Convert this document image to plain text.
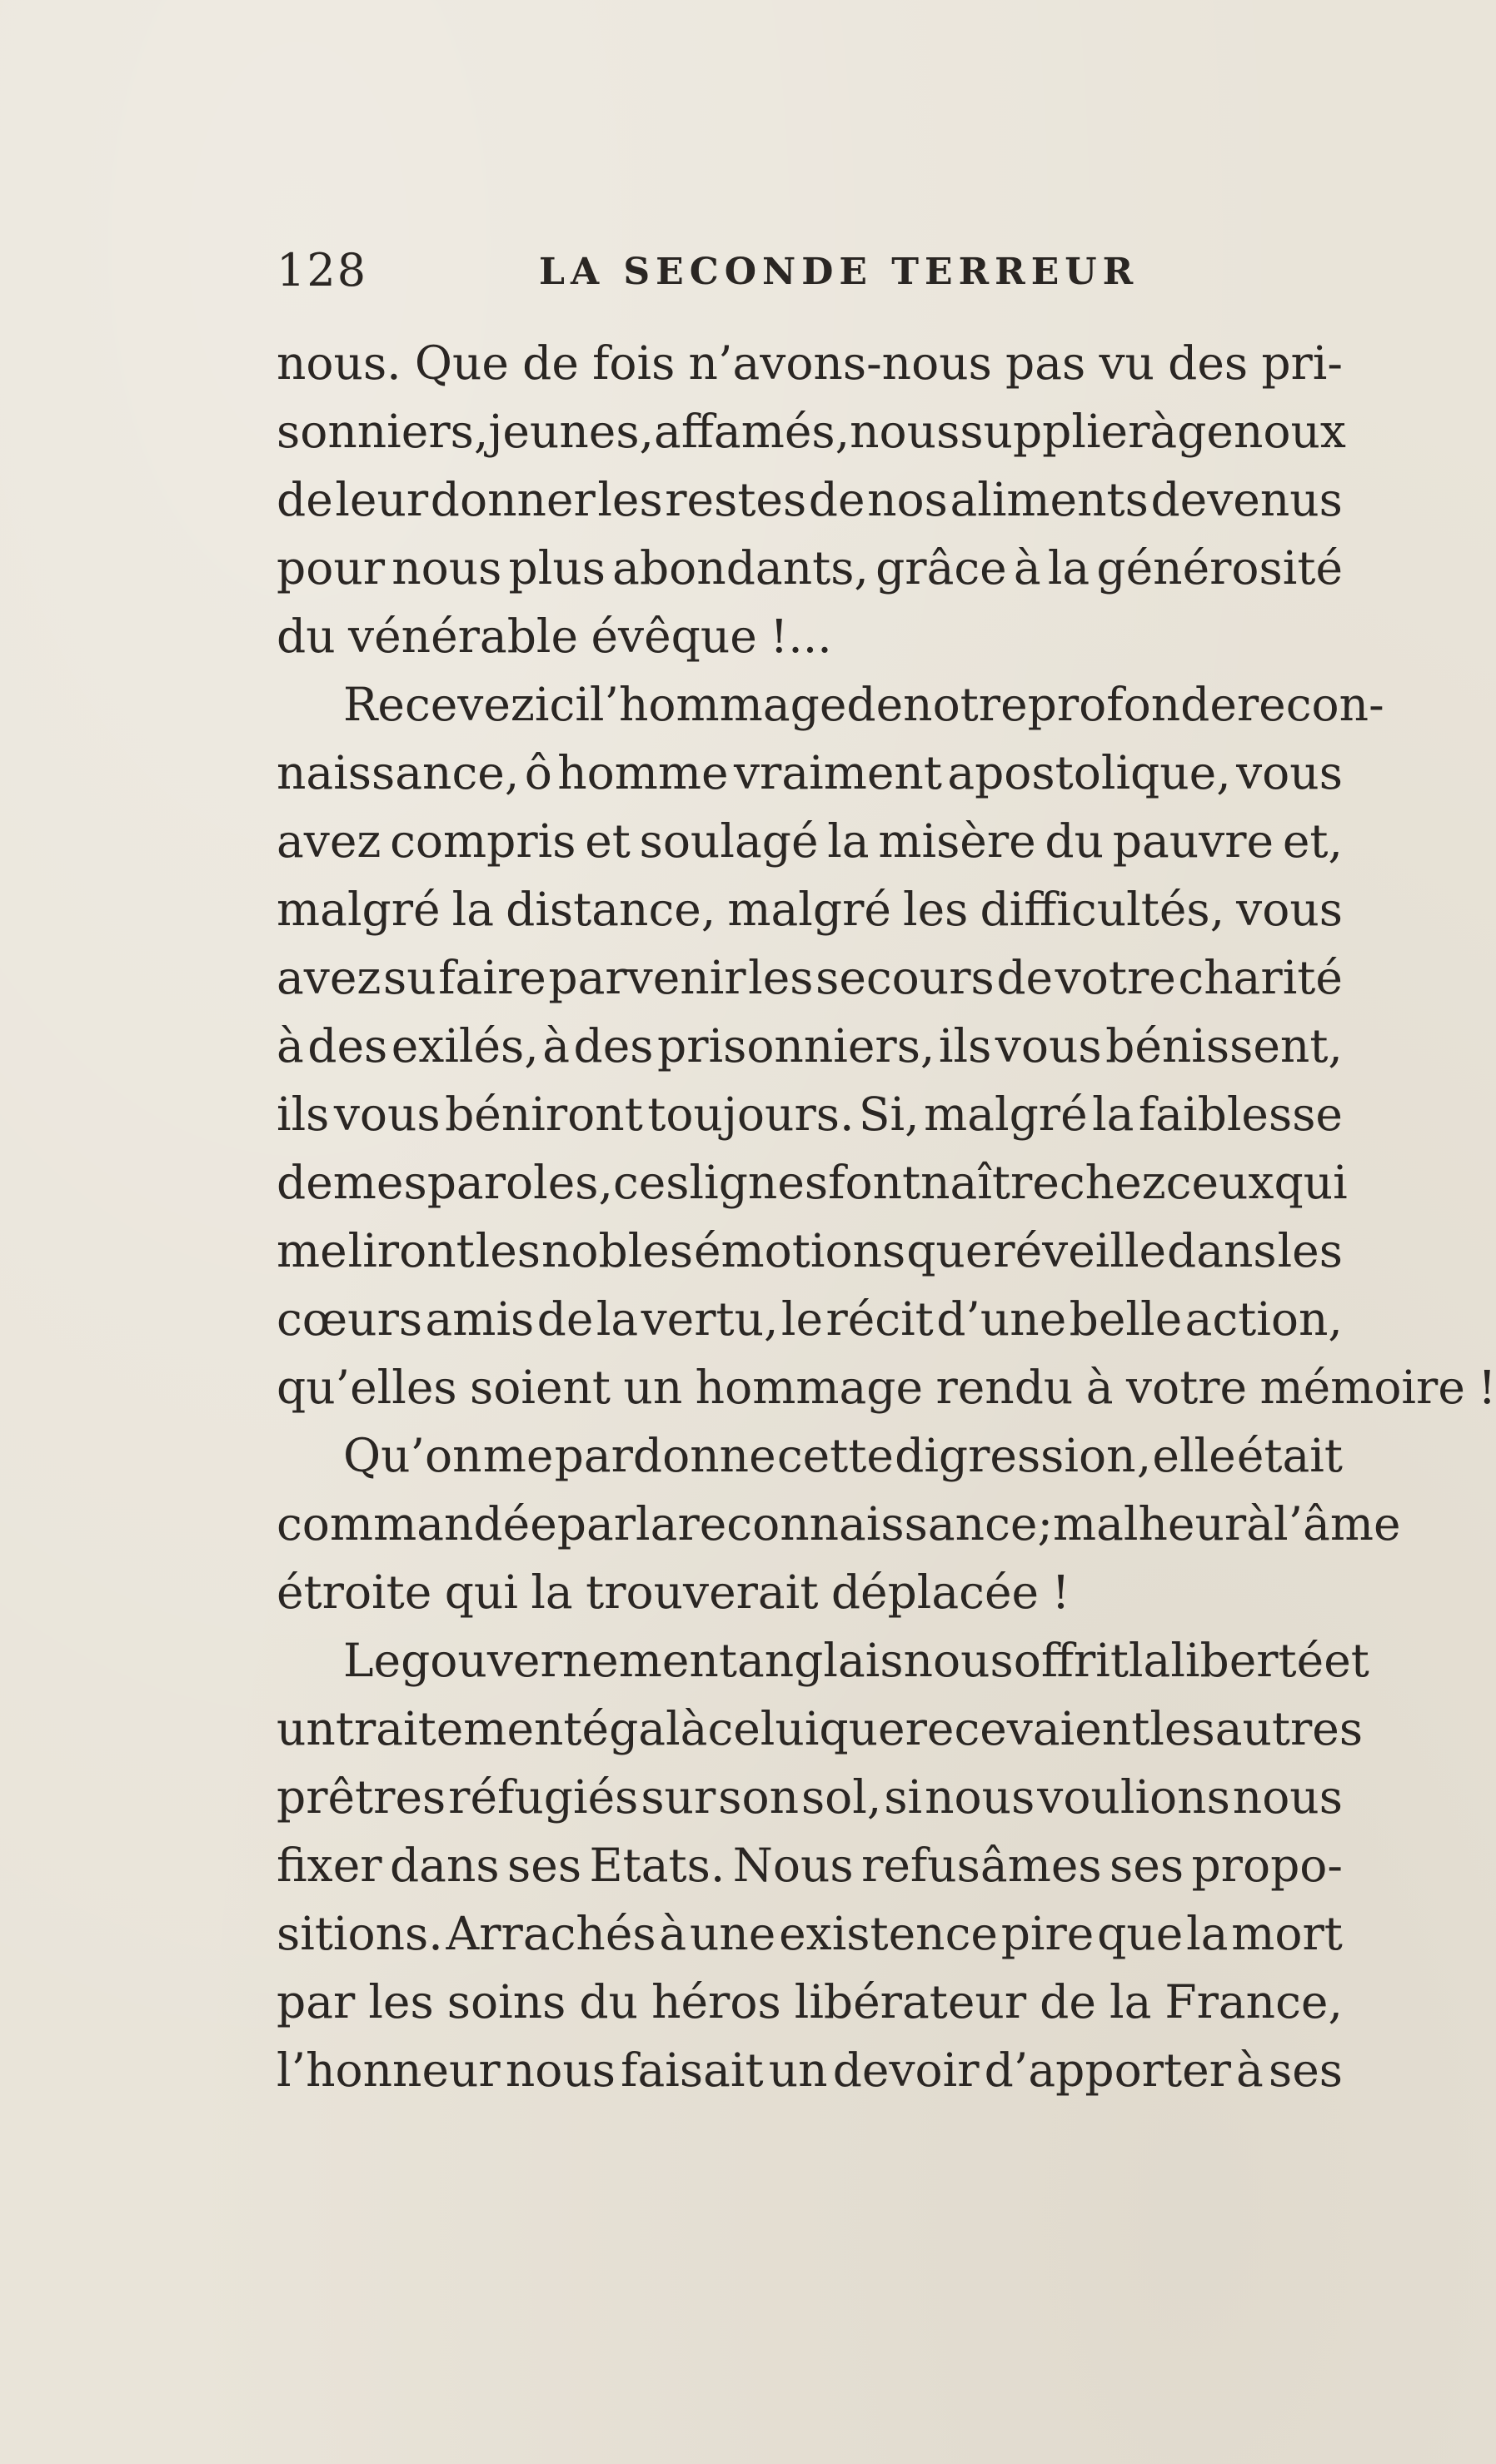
128	LA SECONDE TERREUR
nous. Que de fois n’avons-nous pas vu des pri-
sonniers, jeunes, affamés, nous supplier à genoux
de leur donner les restes de nos aliments devenus
pour nous plus abondants, grâce à la générosité
du vénérable évêque !...
Recevez ici l’hommage de notre profonde recon-
naissance, ô homme vraiment apostolique, vous
avez compris et soulagé la misère du pauvre et,
malgré la distance, malgré les difficultés, vous
avez su faire parvenir les secours de votre charité
à des exilés, à des prisonniers, ils vous bénissent,
ils vous béniront toujours. Si, malgré la faiblesse
de mes paroles, ces lignes font naître chez ceux qui
me liront les nobles émotions que réveille dans les
cœurs amis de la vertu, le récit d’une belle action,
qu’elles soient un hommage rendu à votre mémoire !
Qu’on me pardonne cette digression , elle était
commandée par la reconnaissance ; malheur à l’âme
étroite qui la trouverait déplacée !
Le gouvernement anglais nous offrit la liberté et
un traitement égal à celui que recevaient les autres
prêtres réfugiés sur son sol, si nous voulions nous
fixer dans ses Etats. Nous refusâmes ses propo-
sitions. Arrachés à une existence pire que la mort
par les soins du héros libérateur de la France,
l’honneur nous faisait un devoir d’apporter à ses
